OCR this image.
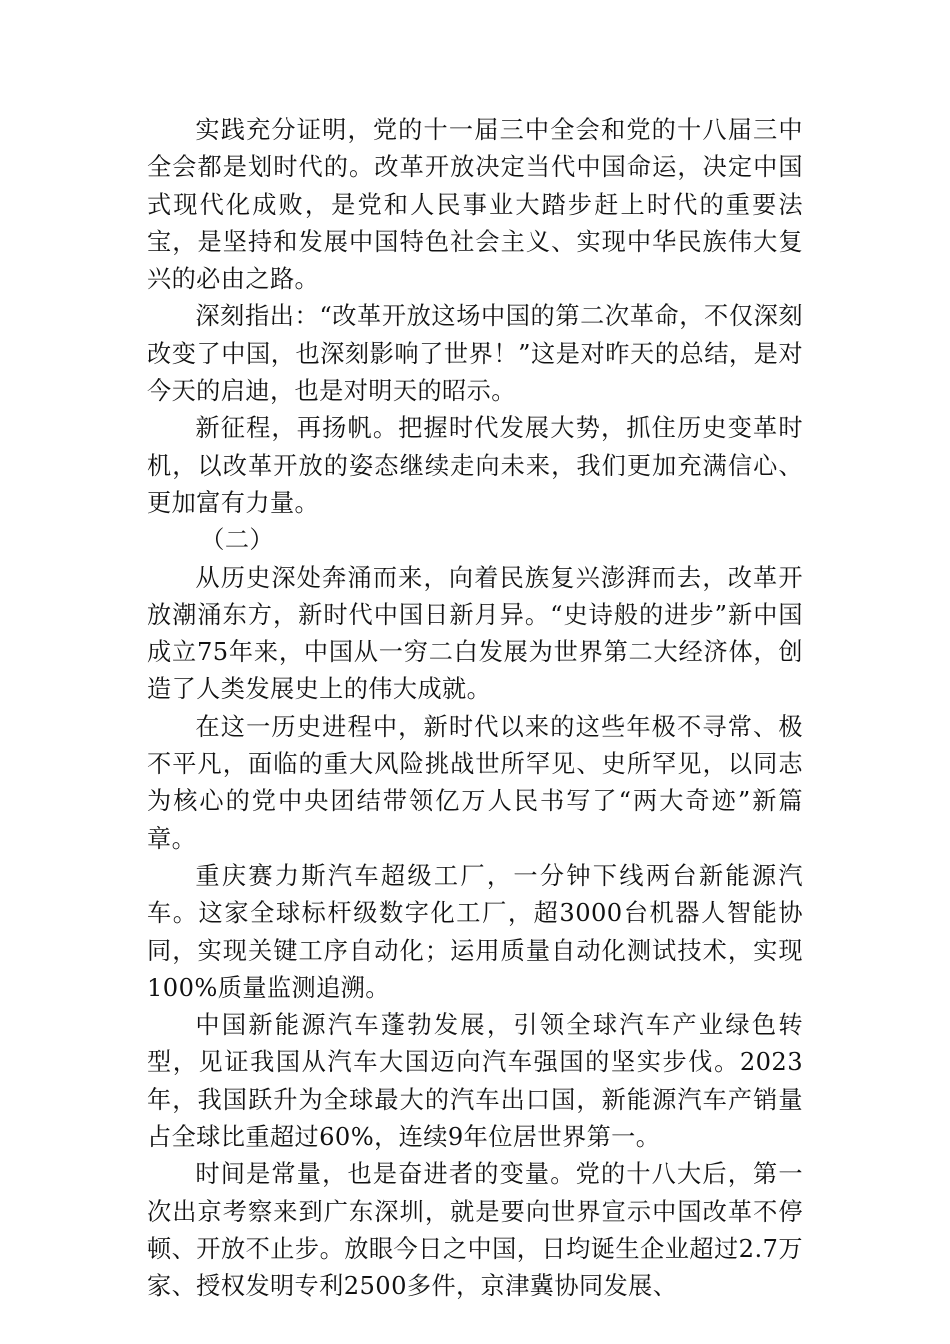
实践充分证明，党的十一届三中全会和党的十八届三中全会都是划时代的。改革开放决定当代中国命运，决定中国式现代化成败，是党和人民事业大踏步赶上时代的重要法宝，是坚持和发展中国特色社会主义、实现中华民族伟大复兴的必由之路。

深刻指出：“改革开放这场中国的第二次革命，不仅深刻改变了中国，也深刻影响了世界！”这是对昨天的总结，是对今天的启迪，也是对明天的昭示。

新征程，再扬帆。把握时代发展大势，抓住历史变革时机，以改革开放的姿态继续走向未来，我们更加充满信心、更加富有力量。

（二）

从历史深处奔涌而来，向着民族复兴澎湃而去，改革开放潮涌东方，新时代中国日新月异。“史诗般的进步”新中国成立75年来，中国从一穷二白发展为世界第二大经济体，创造了人类发展史上的伟大成就。

在这一历史进程中，新时代以来的这些年极不寻常、极不平凡，面临的重大风险挑战世所罕见、史所罕见，以同志为核心的党中央团结带领亿万人民书写了“两大奇迹”新篇章。

重庆赛力斯汽车超级工厂，一分钟下线两台新能源汽车。这家全球标杆级数字化工厂，超3000台机器人智能协同，实现关键工序自动化；运用质量自动化测试技术，实现100%质量监测追溯。

中国新能源汽车蓬勃发展，引领全球汽车产业绿色转型，见证我国从汽车大国迈向汽车强国的坚实步伐。2023年，我国跃升为全球最大的汽车出口国，新能源汽车产销量占全球比重超过60%，连续9年位居世界第一。

时间是常量，也是奋进者的变量。党的十八大后，第一次出京考察来到广东深圳，就是要向世界宣示中国改革不停顿、开放不止步。放眼今日之中国，日均诞生企业超过2.7万家、授权发明专利2500多件，京津冀协同发展、
